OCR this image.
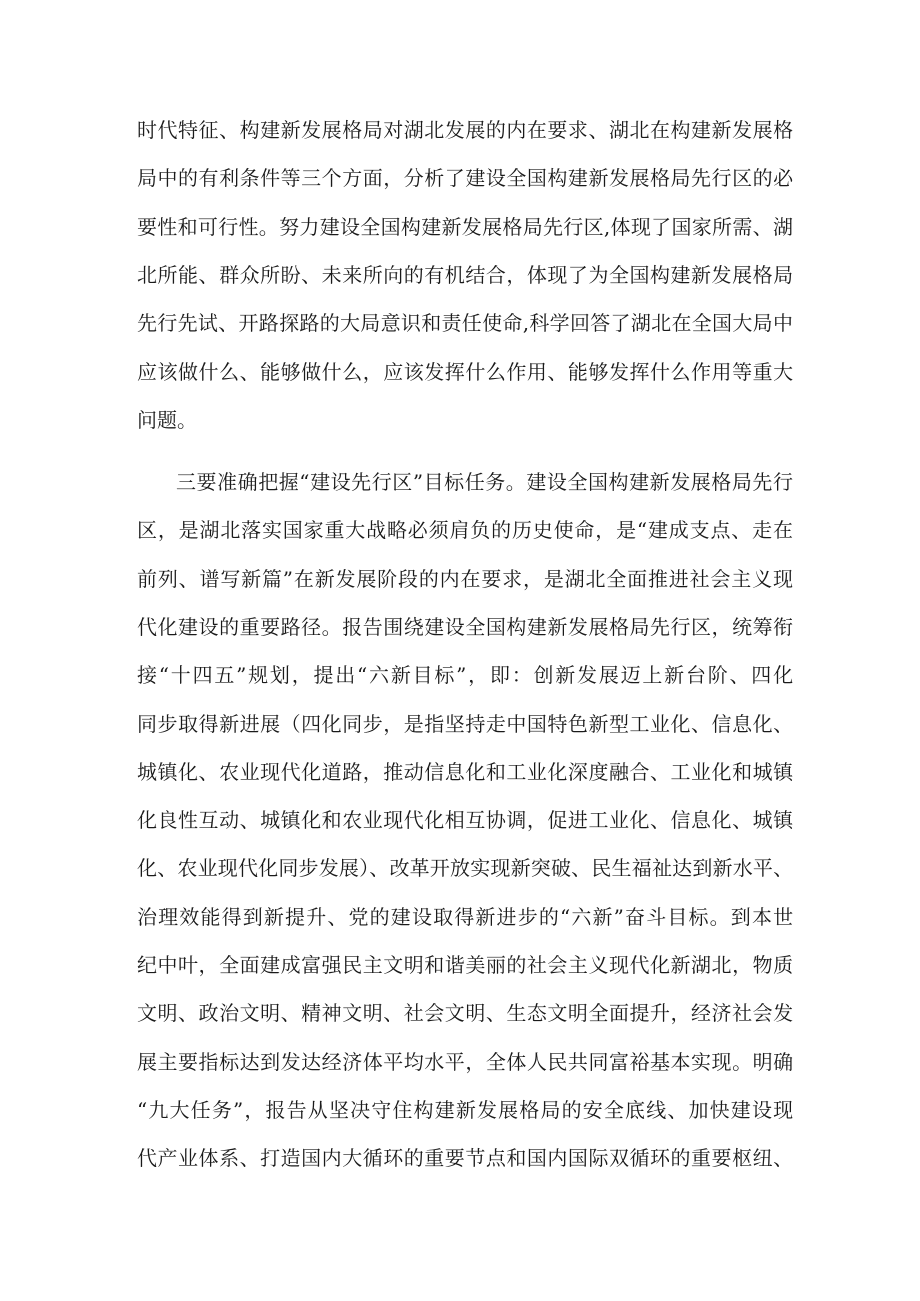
时代特征、构建新发展格局对湖北发展的内在要求、湖北在构建新发展格
局中的有利条件等三个方面，分析了建设全国构建新发展格局先行区的必
要性和可行性。努力建设全国构建新发展格局先行区,体现了国家所需、湖
北所能、群众所盼、未来所向的有机结合，体现了为全国构建新发展格局
先行先试、开路探路的大局意识和责任使命,科学回答了湖北在全国大局中
应该做什么、能够做什么，应该发挥什么作用、能够发挥什么作用等重大
问题。
三要准确把握“建设先行区”目标任务。建设全国构建新发展格局先行
区，是湖北落实国家重大战略必须肩负的历史使命，是“建成支点、走在
前列、谱写新篇”在新发展阶段的内在要求，是湖北全面推进社会主义现
代化建设的重要路径。报告围绕建设全国构建新发展格局先行区，统筹衔
接“十四五”规划，提出“六新目标”，即：创新发展迈上新台阶、四化
同步取得新进展（四化同步，是指坚持走中国特色新型工业化、信息化、
城镇化、农业现代化道路，推动信息化和工业化深度融合、工业化和城镇
化良性互动、城镇化和农业现代化相互协调，促进工业化、信息化、城镇
化、农业现代化同步发展）、改革开放实现新突破、民生福祉达到新水平、
治理效能得到新提升、党的建设取得新进步的“六新”奋斗目标。到本世
纪中叶，全面建成富强民主文明和谐美丽的社会主义现代化新湖北，物质
文明、政治文明、精神文明、社会文明、生态文明全面提升，经济社会发
展主要指标达到发达经济体平均水平，全体人民共同富裕基本实现。明确
“九大任务”，报告从坚决守住构建新发展格局的安全底线、加快建设现
代产业体系、打造国内大循环的重要节点和国内国际双循环的重要枢纽、
